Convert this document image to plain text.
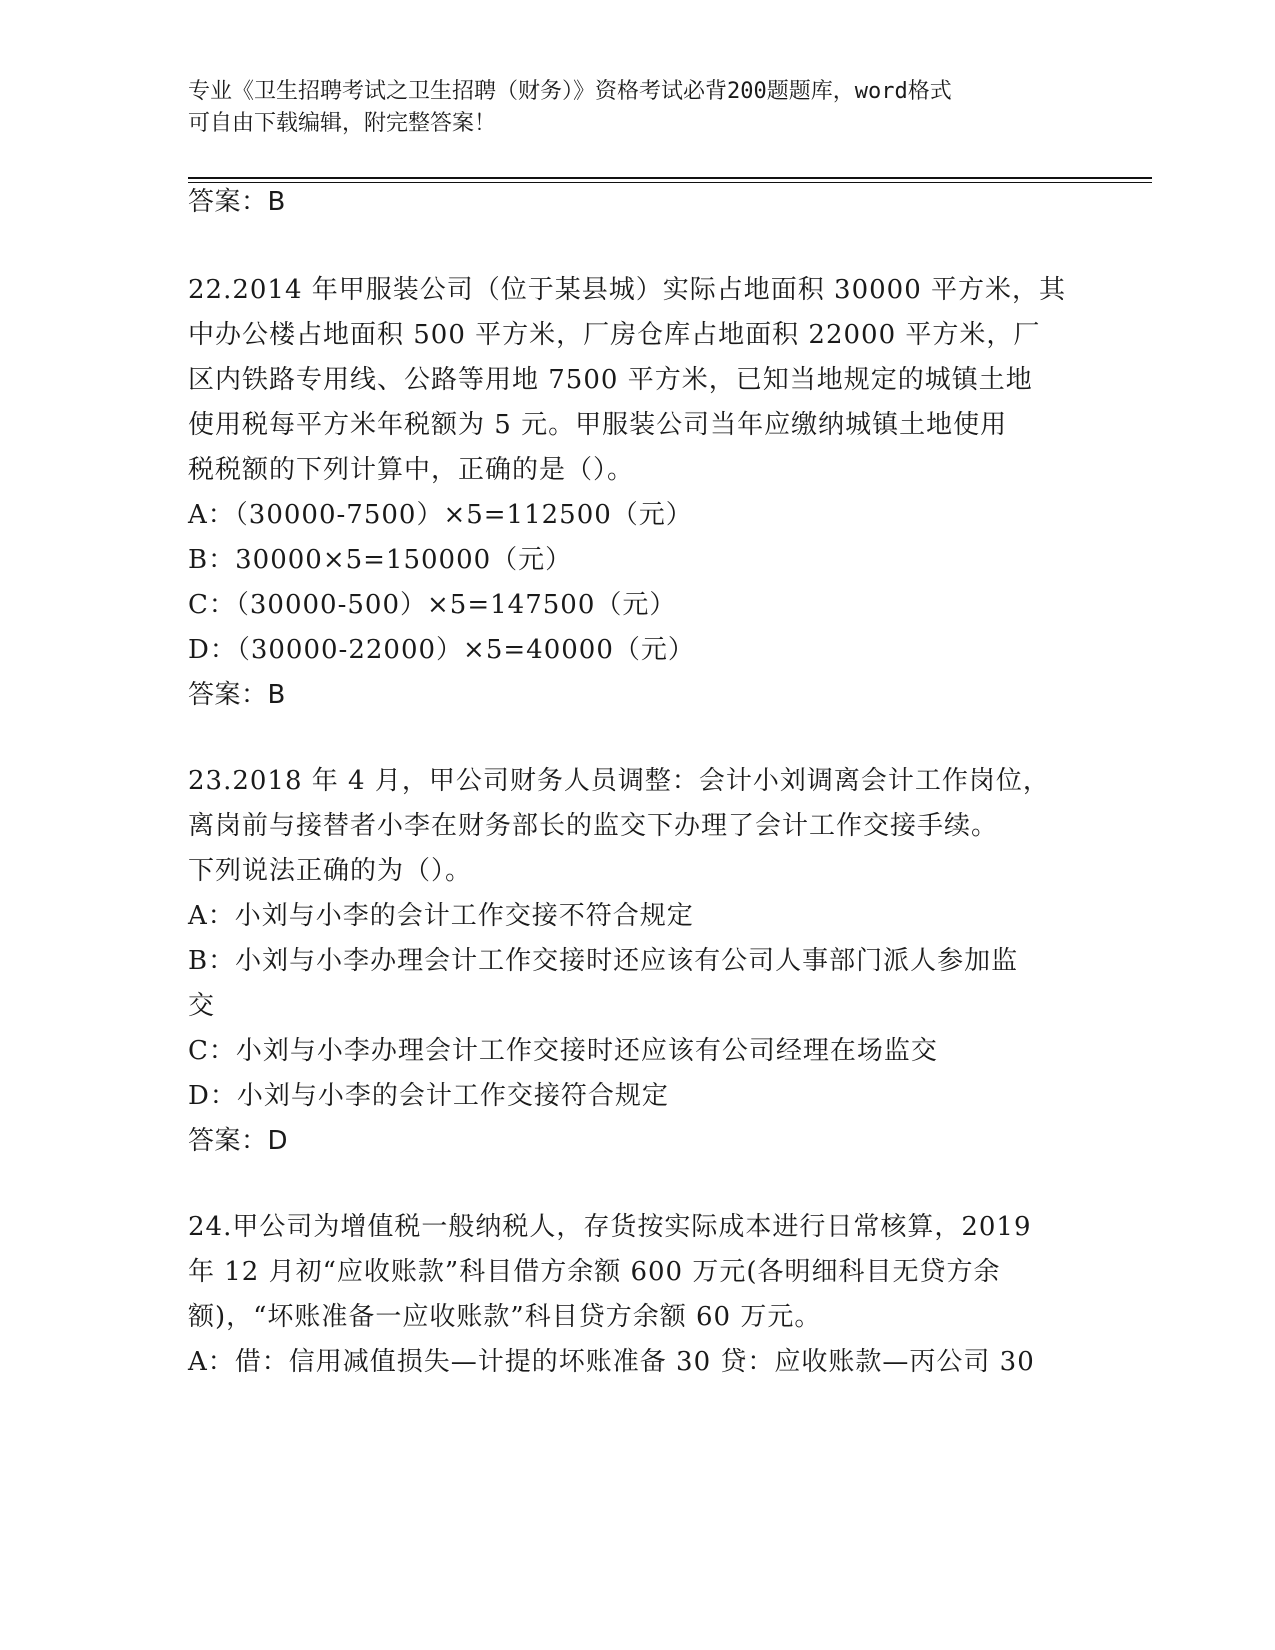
专业《卫生招聘考试之卫生招聘（财务）》资格考试必背200题题库，word格式
可自由下载编辑，附完整答案！
答案：B
22.2014 年甲服装公司（位于某县城）实际占地面积 30000 平方米，其
中办公楼占地面积 500 平方米，厂房仓库占地面积 22000 平方米，厂
区内铁路专用线、公路等用地 7500 平方米，已知当地规定的城镇土地
使用税每平方米年税额为 5 元。甲服装公司当年应缴纳城镇土地使用
税税额的下列计算中，正确的是（）。
A：（30000-7500）×5=112500（元）
B：30000×5=150000（元）
C：（30000-500）×5=147500（元）
D：（30000-22000）×5=40000（元）
答案：B
23.2018 年 4 月，甲公司财务人员调整：会计小刘调离会计工作岗位，
离岗前与接替者小李在财务部长的监交下办理了会计工作交接手续。
下列说法正确的为（）。
A：小刘与小李的会计工作交接不符合规定
B：小刘与小李办理会计工作交接时还应该有公司人事部门派人参加监
交
C：小刘与小李办理会计工作交接时还应该有公司经理在场监交
D：小刘与小李的会计工作交接符合规定
答案：D
24.甲公司为增值税一般纳税人，存货按实际成本进行日常核算，2019
年 12 月初“应收账款”科目借方余额 600 万元(各明细科目无贷方余
额)，“坏账准备一应收账款”科目贷方余额 60 万元。
A：借：信用减值损失—计提的坏账准备 30 贷：应收账款—丙公司 30
